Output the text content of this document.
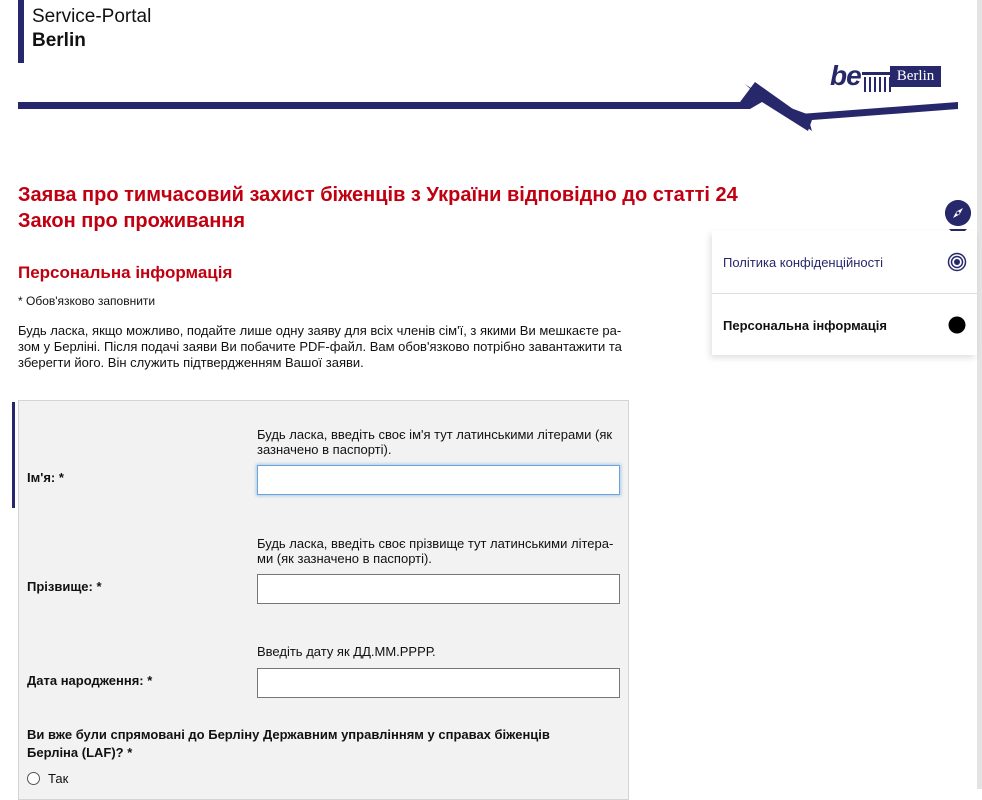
Service-Portal
Berlin
be	Berlin
Заява про тимчасовий захист біженців з України відповідно до статті 24 Закон про проживання
Персональна інформація
* Обов'язково заповнити
Будь ласка, якщо можливо, подайте лише одну заяву для всіх членів сім'ї, з якими Ви мешкаєте ра- зом у Берліні. Після подачі заяви Ви побачите PDF-файл. Вам обов'язково потрібно завантажити та зберегти його. Він служить підтвердженням Вашої заяви.
Політика конфіденційності
Персональна інформація
Будь ласка, введіть своє ім'я тут латинськими літерами (як зазначено в паспорті).
Ім'я: *
Будь ласка, введіть своє прізвище тут латинськими літера- ми (як зазначено в паспорті).
Прізвище: *
Введіть дату як ДД.ММ.РРРР.
Дата народження: *
Ви вже були спрямовані до Берліну Державним управлінням у справах біженців Берліна (LAF)? *
Так
